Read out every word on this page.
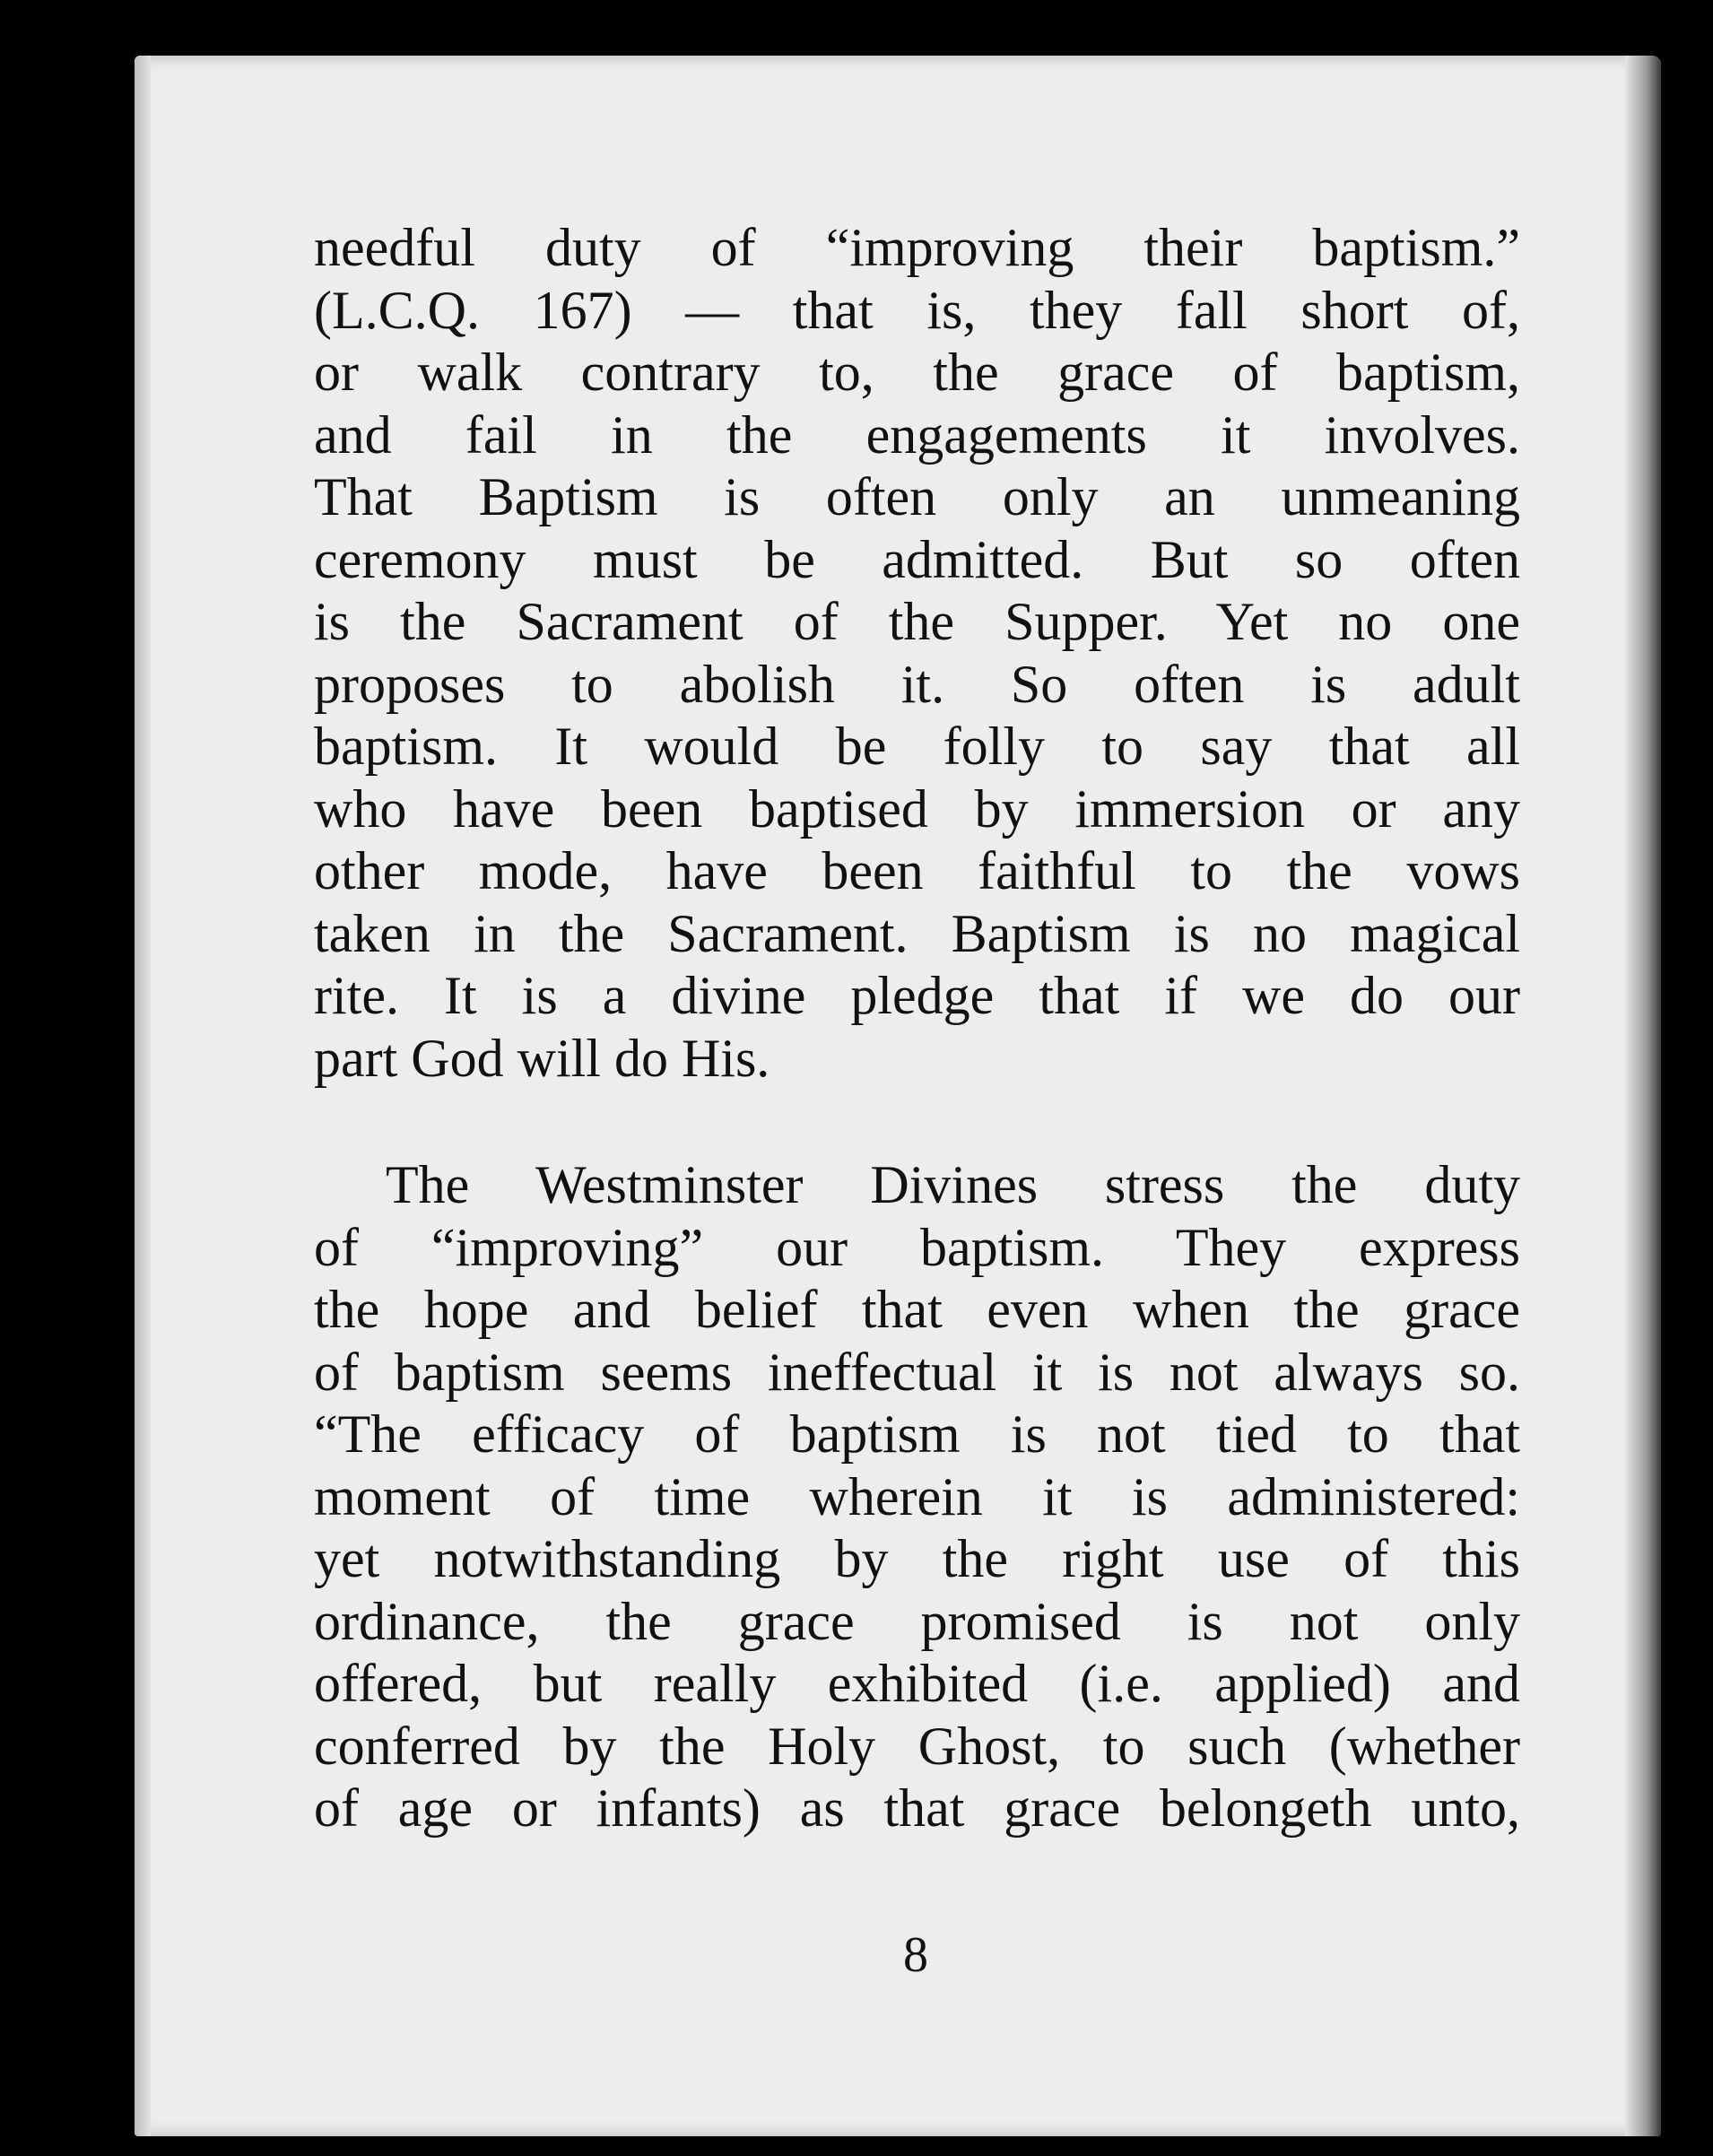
needful duty of “improving their baptism.”
(L.C.Q. 167) — that is, they fall short of,
or walk contrary to, the grace of baptism,
and fail in the engagements it involves.
That Baptism is often only an unmeaning
ceremony must be admitted. But so often
is the Sacrament of the Supper. Yet no one
proposes to abolish it. So often is adult
baptism. It would be folly to say that all
who have been baptised by immersion or any
other mode, have been faithful to the vows
taken in the Sacrament. Baptism is no magical
rite. It is a divine pledge that if we do our
part God will do His.
The Westminster Divines stress the duty
of “improving” our baptism. They express
the hope and belief that even when the grace
of baptism seems ineffectual it is not always so.
“The efficacy of baptism is not tied to that
moment of time wherein it is administered:
yet notwithstanding by the right use of this
ordinance, the grace promised is not only
offered, but really exhibited (i.e. applied) and
conferred by the Holy Ghost, to such (whether
of age or infants) as that grace belongeth unto,
8
